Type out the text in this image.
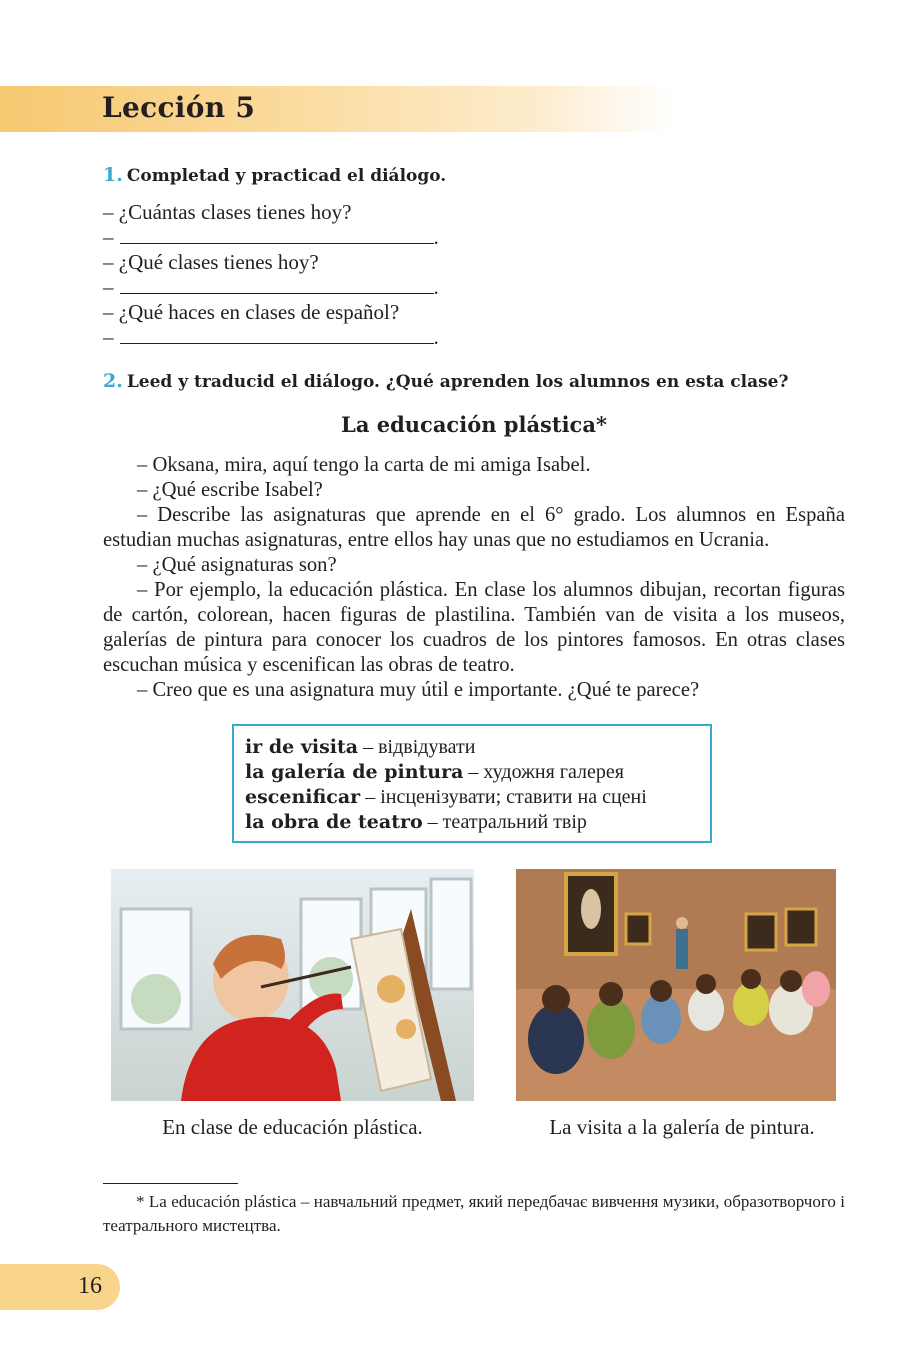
Lección 5
1. Completad y practicad el diálogo.
– ¿Cuántas clases tienes hoy?
–	.
– ¿Qué clases tienes hoy?
–	.
– ¿Qué haces en clases de español?
–	.
2. Leed y traducid el diálogo. ¿Qué aprenden los alumnos en esta clase?
La educación plástica*

– Oksana, mira, aquí tengo la carta de mi amiga Isabel.

– ¿Qué escribe Isabel?

– Describe las asignaturas que aprende en el 6° grado. Los alumnos en España estudian muchas asignaturas, entre ellos hay unas que no estudiamos en Ucrania.

– ¿Qué asignaturas son?

– Por ejemplo, la educación plástica. En clase los alumnos dibujan, recortan figuras de cartón, colorean, hacen figuras de plastilina. También van de visita a los museos, galerías de pintura para conocer los cuadros de los pintores famosos. En otras clases escuchan música y escenifican las obras de teatro.

– Creo que es una asignatura muy útil e importante. ¿Qué te parece?

ir de visita – відвідувати
la galería de pintura – художня галерея
escenificar – інсценізувати; ставити на сцені
la obra de teatro – театральний твір
En clase de educación plástica.	La visita a la galería de pintura.

* La educación plástica – навчальний предмет, який передбачає вивчення музики, образотворчого і театрального мистецтва.

16
